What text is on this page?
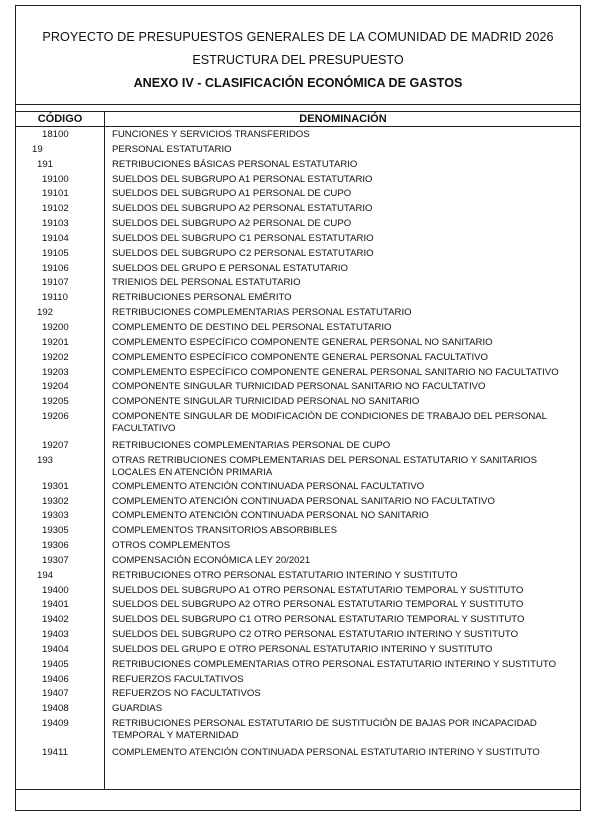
PROYECTO DE PRESUPUESTOS GENERALES DE LA COMUNIDAD DE MADRID 2026
ESTRUCTURA DEL PRESUPUESTO
ANEXO IV - CLASIFICACIÓN ECONÓMICA DE GASTOS
CÓDIGO	DENOMINACIÓN
18100	FUNCIONES Y SERVICIOS TRANSFERIDOS
19	PERSONAL ESTATUTARIO
191	RETRIBUCIONES BÁSICAS PERSONAL ESTATUTARIO
19100	SUELDOS DEL SUBGRUPO A1 PERSONAL ESTATUTARIO
19101	SUELDOS DEL SUBGRUPO A1 PERSONAL DE CUPO
19102	SUELDOS DEL SUBGRUPO A2 PERSONAL ESTATUTARIO
19103	SUELDOS DEL SUBGRUPO A2 PERSONAL DE CUPO
19104	SUELDOS DEL SUBGRUPO C1 PERSONAL ESTATUTARIO
19105	SUELDOS DEL SUBGRUPO C2 PERSONAL ESTATUTARIO
19106	SUELDOS DEL GRUPO E PERSONAL ESTATUTARIO
19107	TRIENIOS DEL PERSONAL ESTATUTARIO
19110	RETRIBUCIONES PERSONAL EMÉRITO
192	RETRIBUCIONES COMPLEMENTARIAS PERSONAL ESTATUTARIO
19200	COMPLEMENTO DE DESTINO DEL PERSONAL ESTATUTARIO
19201	COMPLEMENTO ESPECÍFICO COMPONENTE GENERAL PERSONAL NO SANITARIO
19202	COMPLEMENTO ESPECÍFICO COMPONENTE GENERAL PERSONAL FACULTATIVO
19203	COMPLEMENTO ESPECÍFICO COMPONENTE GENERAL PERSONAL SANITARIO NO FACULTATIVO
19204	COMPONENTE SINGULAR TURNICIDAD PERSONAL SANITARIO NO FACULTATIVO
19205	COMPONENTE SINGULAR TURNICIDAD PERSONAL NO SANITARIO
19206	COMPONENTE SINGULAR DE MODIFICACIÓN DE CONDICIONES DE TRABAJO DEL PERSONAL FACULTATIVO
19207	RETRIBUCIONES COMPLEMENTARIAS PERSONAL DE CUPO
193	OTRAS RETRIBUCIONES COMPLEMENTARIAS DEL PERSONAL ESTATUTARIO Y SANITARIOS LOCALES EN ATENCIÓN PRIMARIA
19301	COMPLEMENTO ATENCIÓN CONTINUADA PERSONAL FACULTATIVO
19302	COMPLEMENTO ATENCIÓN CONTINUADA PERSONAL SANITARIO NO FACULTATIVO
19303	COMPLEMENTO ATENCIÓN CONTINUADA PERSONAL NO SANITARIO
19305	COMPLEMENTOS TRANSITORIOS ABSORBIBLES
19306	OTROS COMPLEMENTOS
19307	COMPENSACIÓN ECONÓMICA LEY 20/2021
194	RETRIBUCIONES OTRO PERSONAL ESTATUTARIO INTERINO Y SUSTITUTO
19400	SUELDOS DEL SUBGRUPO A1 OTRO PERSONAL ESTATUTARIO TEMPORAL Y SUSTITUTO
19401	SUELDOS DEL SUBGRUPO A2 OTRO PERSONAL ESTATUTARIO TEMPORAL Y SUSTITUTO
19402	SUELDOS DEL SUBGRUPO C1 OTRO PERSONAL ESTATUTARIO TEMPORAL Y SUSTITUTO
19403	SUELDOS DEL SUBGRUPO C2 OTRO PERSONAL ESTATUTARIO INTERINO Y SUSTITUTO
19404	SUELDOS DEL GRUPO E OTRO PERSONAL ESTATUTARIO INTERINO Y SUSTITUTO
19405	RETRIBUCIONES COMPLEMENTARIAS OTRO PERSONAL ESTATUTARIO INTERINO Y SUSTITUTO
19406	REFUERZOS FACULTATIVOS
19407	REFUERZOS NO FACULTATIVOS
19408	GUARDIAS
19409	RETRIBUCIONES PERSONAL ESTATUTARIO DE SUSTITUCIÓN DE BAJAS POR INCAPACIDAD TEMPORAL Y MATERNIDAD
19411	COMPLEMENTO ATENCIÓN CONTINUADA PERSONAL ESTATUTARIO INTERINO Y SUSTITUTO
